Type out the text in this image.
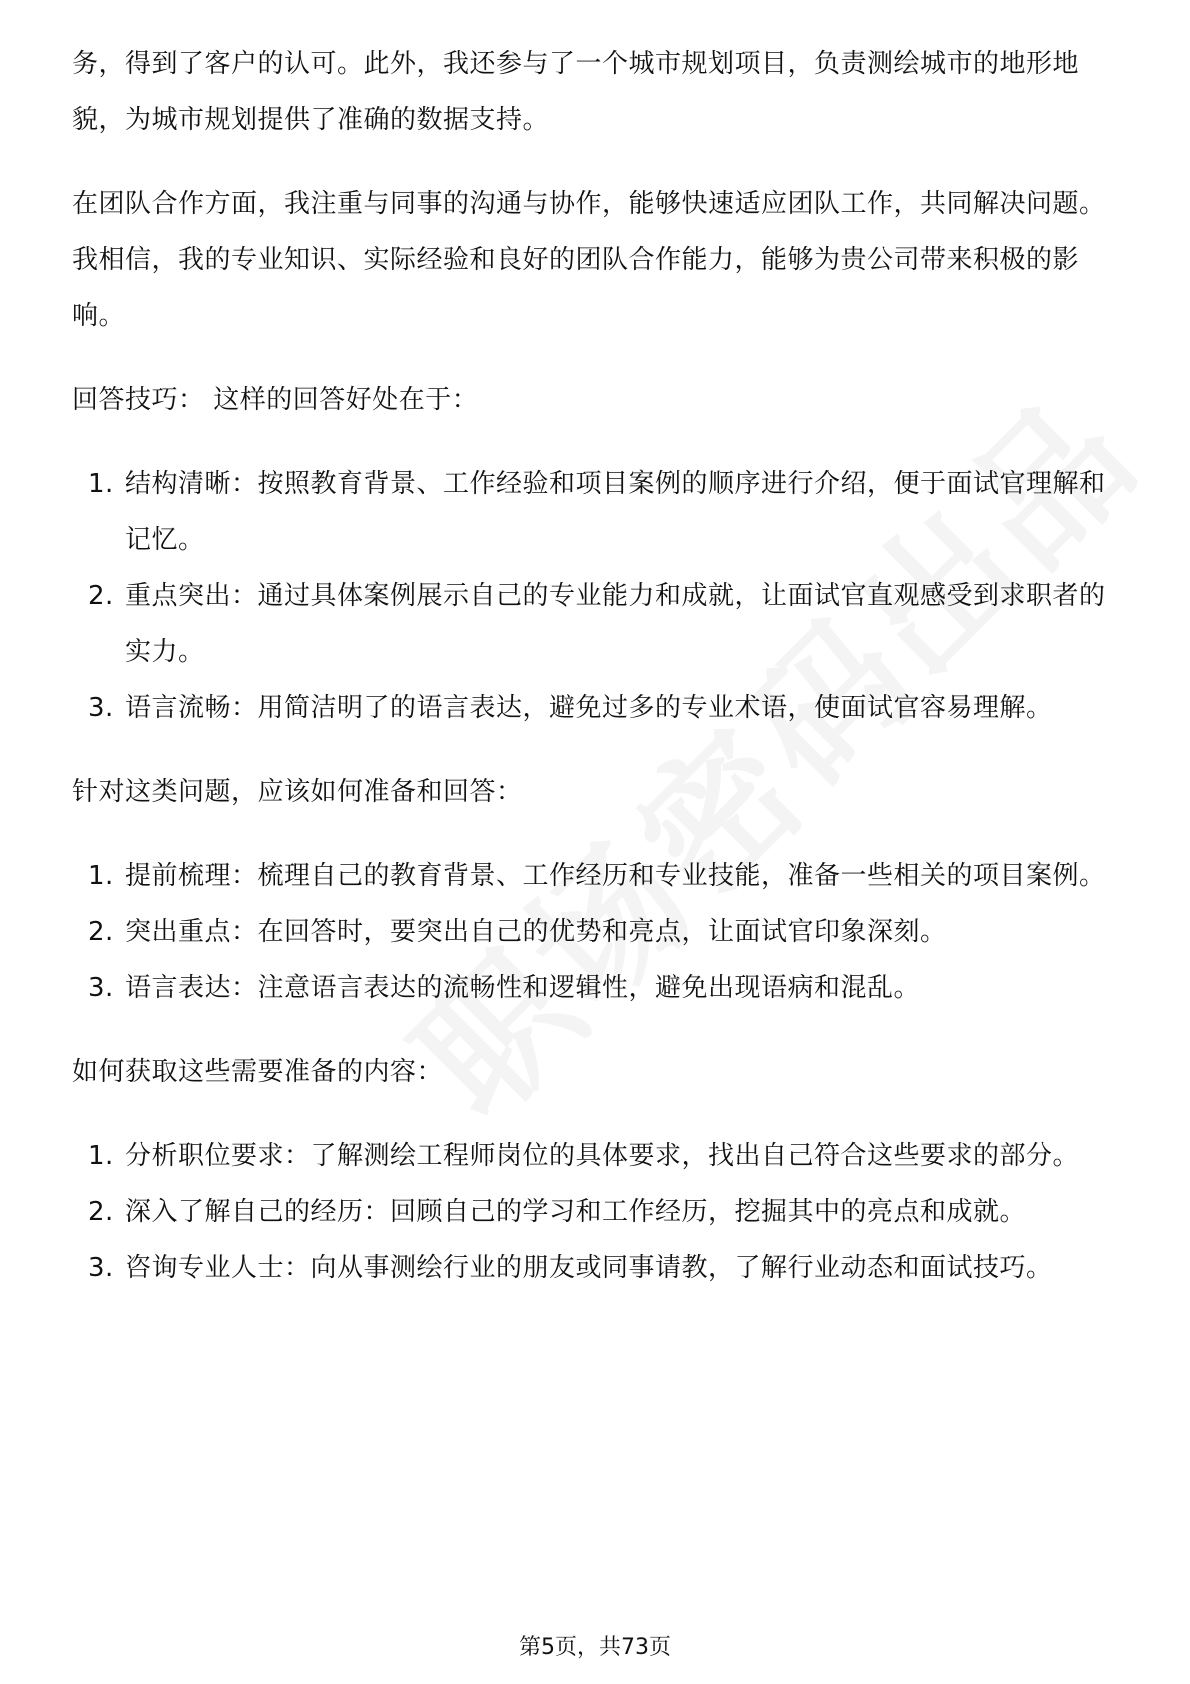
务，得到了客户的认可。此外，我还参与了一个城市规划项目，负责测绘城市的地形地貌，为城市规划提供了准确的数据支持。

在团队合作方面，我注重与同事的沟通与协作，能够快速适应团队工作，共同解决问题。我相信，我的专业知识、实际经验和良好的团队合作能力，能够为贵公司带来积极的影响。

回答技巧： 这样的回答好处在于：

1. 结构清晰：按照教育背景、工作经验和项目案例的顺序进行介绍，便于面试官理解和记忆。
2. 重点突出：通过具体案例展示自己的专业能力和成就，让面试官直观感受到求职者的实力。
3. 语言流畅：用简洁明了的语言表达，避免过多的专业术语，使面试官容易理解。

针对这类问题，应该如何准备和回答：

1. 提前梳理：梳理自己的教育背景、工作经历和专业技能，准备一些相关的项目案例。
2. 突出重点：在回答时，要突出自己的优势和亮点，让面试官印象深刻。
3. 语言表达：注意语言表达的流畅性和逻辑性，避免出现语病和混乱。

如何获取这些需要准备的内容：

1. 分析职位要求：了解测绘工程师岗位的具体要求，找出自己符合这些要求的部分。
2. 深入了解自己的经历：回顾自己的学习和工作经历，挖掘其中的亮点和成就。
3. 咨询专业人士：向从事测绘行业的朋友或同事请教，了解行业动态和面试技巧。
第5页，共73页
